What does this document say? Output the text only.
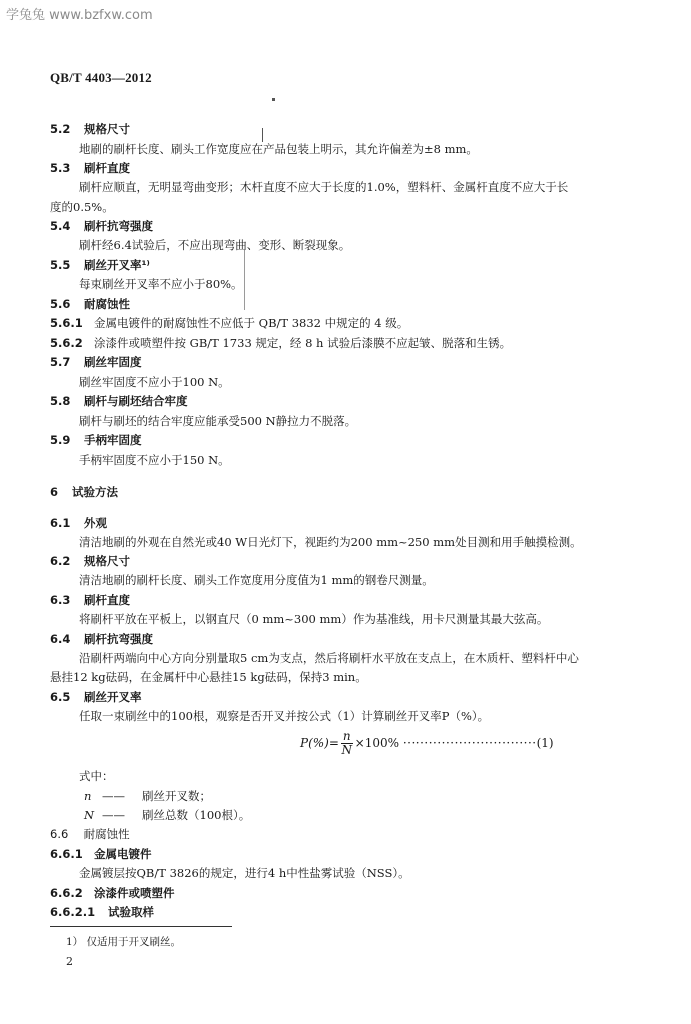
学兔兔 www.bzfxw.com
QB/T 4403—2012
5.2 规格尺寸
地刷的刷杆长度、刷头工作宽度应在产品包装上明示，其允许偏差为±8 mm。
5.3 刷杆直度
刷杆应顺直，无明显弯曲变形；木杆直度不应大于长度的1.0%，塑料杆、金属杆直度不应大于长
度的0.5%。
5.4 刷杆抗弯强度
刷杆经6.4试验后，不应出现弯曲、变形、断裂现象。
5.5 刷丝开叉率¹⁾
每束刷丝开叉率不应小于80%。
5.6 耐腐蚀性
5.6.1 金属电镀件的耐腐蚀性不应低于 QB/T 3832 中规定的 4 级。
5.6.2 涂漆件或喷塑件按 GB/T 1733 规定，经 8 h 试验后漆膜不应起皱、脱落和生锈。
5.7 刷丝牢固度
刷丝牢固度不应小于100 N。
5.8 刷杆与刷坯结合牢度
刷杆与刷坯的结合牢度应能承受500 N静拉力不脱落。
5.9 手柄牢固度
手柄牢固度不应小于150 N。
6 试验方法
6.1 外观
清洁地刷的外观在自然光或40 W日光灯下，视距约为200 mm~250 mm处目测和用手触摸检测。
6.2 规格尺寸
清洁地刷的刷杆长度、刷头工作宽度用分度值为1 mm的钢卷尺测量。
6.3 刷杆直度
将刷杆平放在平板上，以钢直尺（0 mm~300 mm）作为基准线，用卡尺测量其最大弦高。
6.4 刷杆抗弯强度
沿刷杆两端向中心方向分别量取5 cm为支点，然后将刷杆水平放在支点上，在木质杆、塑料杆中心
悬挂12 kg砝码，在金属杆中心悬挂15 kg砝码，保持3 min。
6.5 刷丝开叉率
任取一束刷丝中的100根，观察是否开叉并按公式（1）计算刷丝开叉率P（%）。
$P(\%)= \frac{n}{N} \times 100\% \cdot\cdot\cdot\cdot\cdot\cdot\cdot\cdot\cdot\cdot\cdot\cdot\cdot\cdot\cdot\cdot\cdot\cdot\cdot\cdot\cdot\cdot\cdot\cdot\cdot\cdot\cdot\cdot\cdot\cdot\cdot(1)$
式中：
n —— 刷丝开叉数；
N —— 刷丝总数（100根）。
6.6 耐腐蚀性
6.6.1 金属电镀件
金属镀层按QB/T 3826的规定，进行4 h中性盐雾试验（NSS）。
6.6.2 涂漆件或喷塑件
6.6.2.1 试验取样
1） 仅适用于开叉刷丝。
2
